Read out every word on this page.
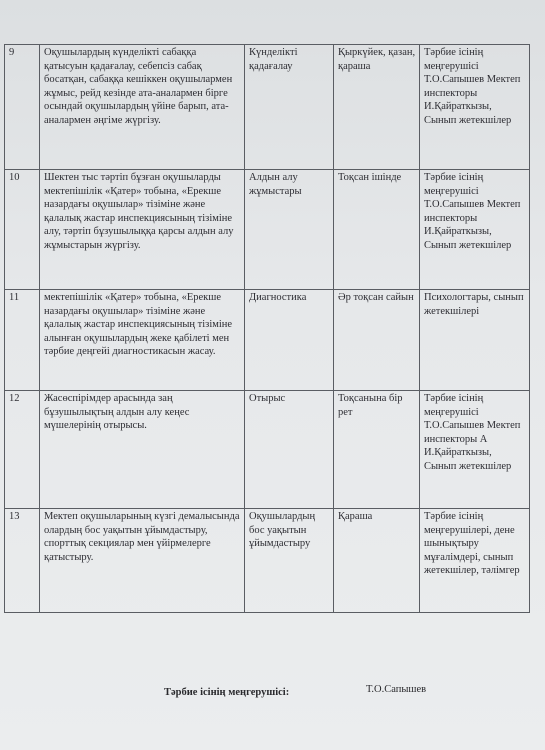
9	Оқушылардың күнделікті сабаққа қатысуын қадағалау, себепсіз сабақ босатқан, сабаққа кешіккен оқушылармен жұмыс, рейд кезінде ата-аналармен бірге осындай оқушылардың үйіне барып, ата-аналармен әңгіме жүргізу.	Күнделікті қадағалау	Қыркүйек, қазан, қараша	Тәрбие ісінің меңгерушісі Т.О.Сапышев Мектеп инспекторы И.Қайраткызы, Сынып жетекшілер
10	Шектен тыс тәртіп бұзған оқушыларды мектепішілік «Қатер» тобына, «Ерекше назардағы оқушылар» тізіміне және қалалық жастар инспекциясының тізіміне алу, тәртіп бұзушылыққа қарсы алдын алу жұмыстарын жүргізу.	Алдын алу жұмыстары	Тоқсан ішінде	Тәрбие ісінің меңгерушісі Т.О.Сапышев Мектеп инспекторы И.Қайраткызы, Сынып жетекшілер
11	мектепішілік «Қатер» тобына, «Ерекше назардағы оқушылар» тізіміне және қалалық жастар инспекциясының тізіміне алынған оқушылардың жеке қабілеті мен тәрбие деңгейі диагностикасын жасау.	Диагностика	Әр тоқсан сайын	Психологтары, сынып жетекшілері
12	Жасөспірімдер арасында заң бұзушылықтың алдын алу кеңес мүшелерінің отырысы.	Отырыс	Тоқсанына бір рет	Тәрбие ісінің меңгерушісі Т.О.Сапышев Мектеп инспекторы А И.Қайраткызы, Сынып жетекшілер
13	Мектеп оқушыларының күзгі демалысында олардың бос уақытын ұйымдастыру, спорттық секциялар мен үйірмелерге қатыстыру.	Оқушылардың бос уақытын ұйымдастыру	Қараша	Тәрбие ісінің меңгерушілері, дене шынықтыру мұғалімдері, сынып жетекшілер, тәлімгер
Тәрбие ісінің меңгерушісі:	Т.О.Сапышев
